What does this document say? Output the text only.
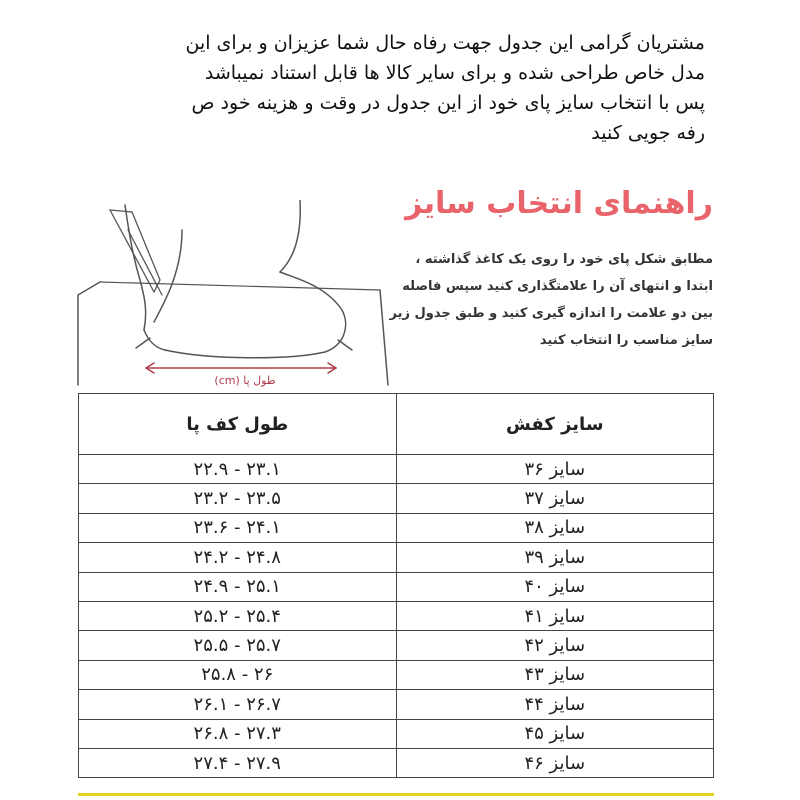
مشتریان گرامی این جدول جهت رفاه حال شما عزیزان و برای این
مدل خاص طراحی شده و برای سایر کالا ها قابل استناد نمیباشد
پس با انتخاب سایز پای خود از این جدول در وقت و هزینه خود ص
رفه جویی کنید
طول پا (cm)
راهنمای انتخاب سایز
مطابق شکل پای خود را روی یک کاغذ گذاشته ،
ابتدا و انتهای آن را علامتگذاری کنید سپس فاصله
بین دو علامت را اندازه گیری کنید و طبق جدول زیر
سایز مناسب را انتخاب کنید
طول کف پا	سایز کفش
۲۲.۹ - ۲۳.۱	سایز ۳۶
۲۳.۲ - ۲۳.۵	سایز ۳۷
۲۳.۶ - ۲۴.۱	سایز ۳۸
۲۴.۲ - ۲۴.۸	سایز ۳۹
۲۴.۹ - ۲۵.۱	سایز ۴۰
۲۵.۲ - ۲۵.۴	سایز ۴۱
۲۵.۵ - ۲۵.۷	سایز ۴۲
۲۵.۸ - ۲۶	سایز ۴۳
۲۶.۱ - ۲۶.۷	سایز ۴۴
۲۶.۸ - ۲۷.۳	سایز ۴۵
۲۷.۴ - ۲۷.۹	سایز ۴۶
